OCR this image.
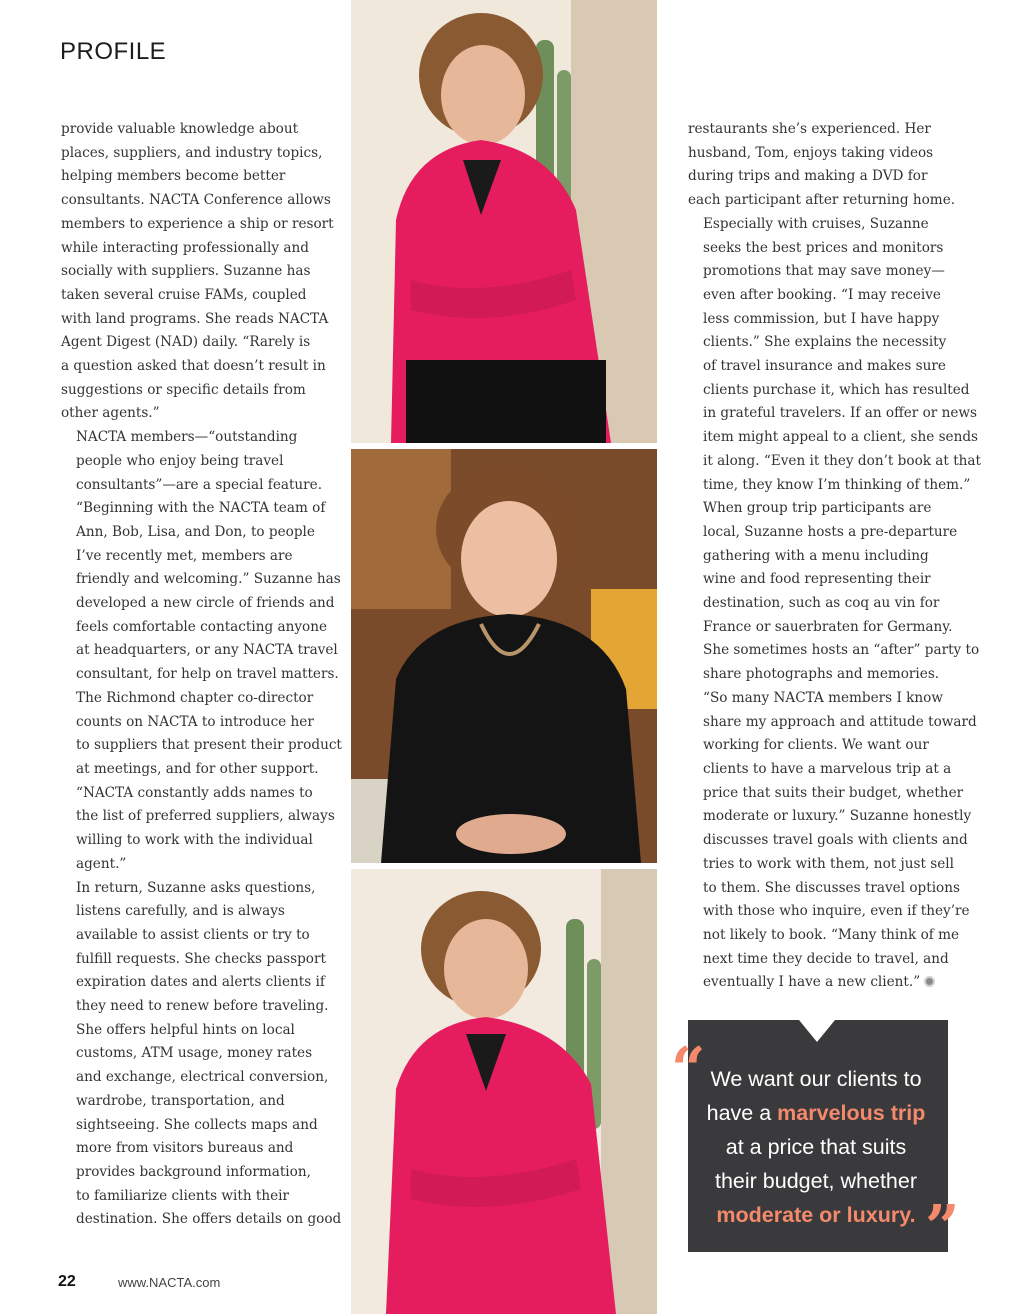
PROFILE

provide valuable knowledge about
places, suppliers, and industry topics,
helping members become better
consultants. NACTA Conference allows
members to experience a ship or resort
while interacting professionally and
socially with suppliers. Suzanne has
taken several cruise FAMs, coupled
with land programs. She reads NACTA
Agent Digest (NAD) daily. “Rarely is
a question asked that doesn’t result in
suggestions or specific details from
other agents.”

NACTA members—“outstanding
people who enjoy being travel
consultants”—are a special feature.
“Beginning with the NACTA team of
Ann, Bob, Lisa, and Don, to people
I’ve recently met, members are
friendly and welcoming.” Suzanne has
developed a new circle of friends and
feels comfortable contacting anyone
at headquarters, or any NACTA travel
consultant, for help on travel matters.
The Richmond chapter co-director
counts on NACTA to introduce her
to suppliers that present their product
at meetings, and for other support.
“NACTA constantly adds names to
the list of preferred suppliers, always
willing to work with the individual
agent.”

In return, Suzanne asks questions,
listens carefully, and is always
available to assist clients or try to
fulfill requests. She checks passport
expiration dates and alerts clients if
they need to renew before traveling.
She offers helpful hints on local
customs, ATM usage, money rates
and exchange, electrical conversion,
wardrobe, transportation, and
sightseeing. She collects maps and
more from visitors bureaus and
provides background information,
to familiarize clients with their
destination. She offers details on good

restaurants she’s experienced. Her
husband, Tom, enjoys taking videos
during trips and making a DVD for
each participant after returning home.

Especially with cruises, Suzanne
seeks the best prices and monitors
promotions that may save money—
even after booking. “I may receive
less commission, but I have happy
clients.” She explains the necessity
of travel insurance and makes sure
clients purchase it, which has resulted
in grateful travelers. If an offer or news
item might appeal to a client, she sends
it along. “Even it they don’t book at that
time, they know I’m thinking of them.”

When group trip participants are
local, Suzanne hosts a pre-departure
gathering with a menu including
wine and food representing their
destination, such as coq au vin for
France or sauerbraten for Germany.
She sometimes hosts an “after” party to
share photographs and memories.

“So many NACTA members I know
share my approach and attitude toward
working for clients. We want our
clients to have a marvelous trip at a
price that suits their budget, whether
moderate or luxury.” Suzanne honestly
discusses travel goals with clients and
tries to work with them, not just sell
to them. She discusses travel options
with those who inquire, even if they’re
not likely to book. “Many think of me
next time they decide to travel, and
eventually I have a new client.”

“ We want our clients to
have a marvelous trip
at a price that suits
their budget, whether
moderate or luxury. ”
22	www.NACTA.com
